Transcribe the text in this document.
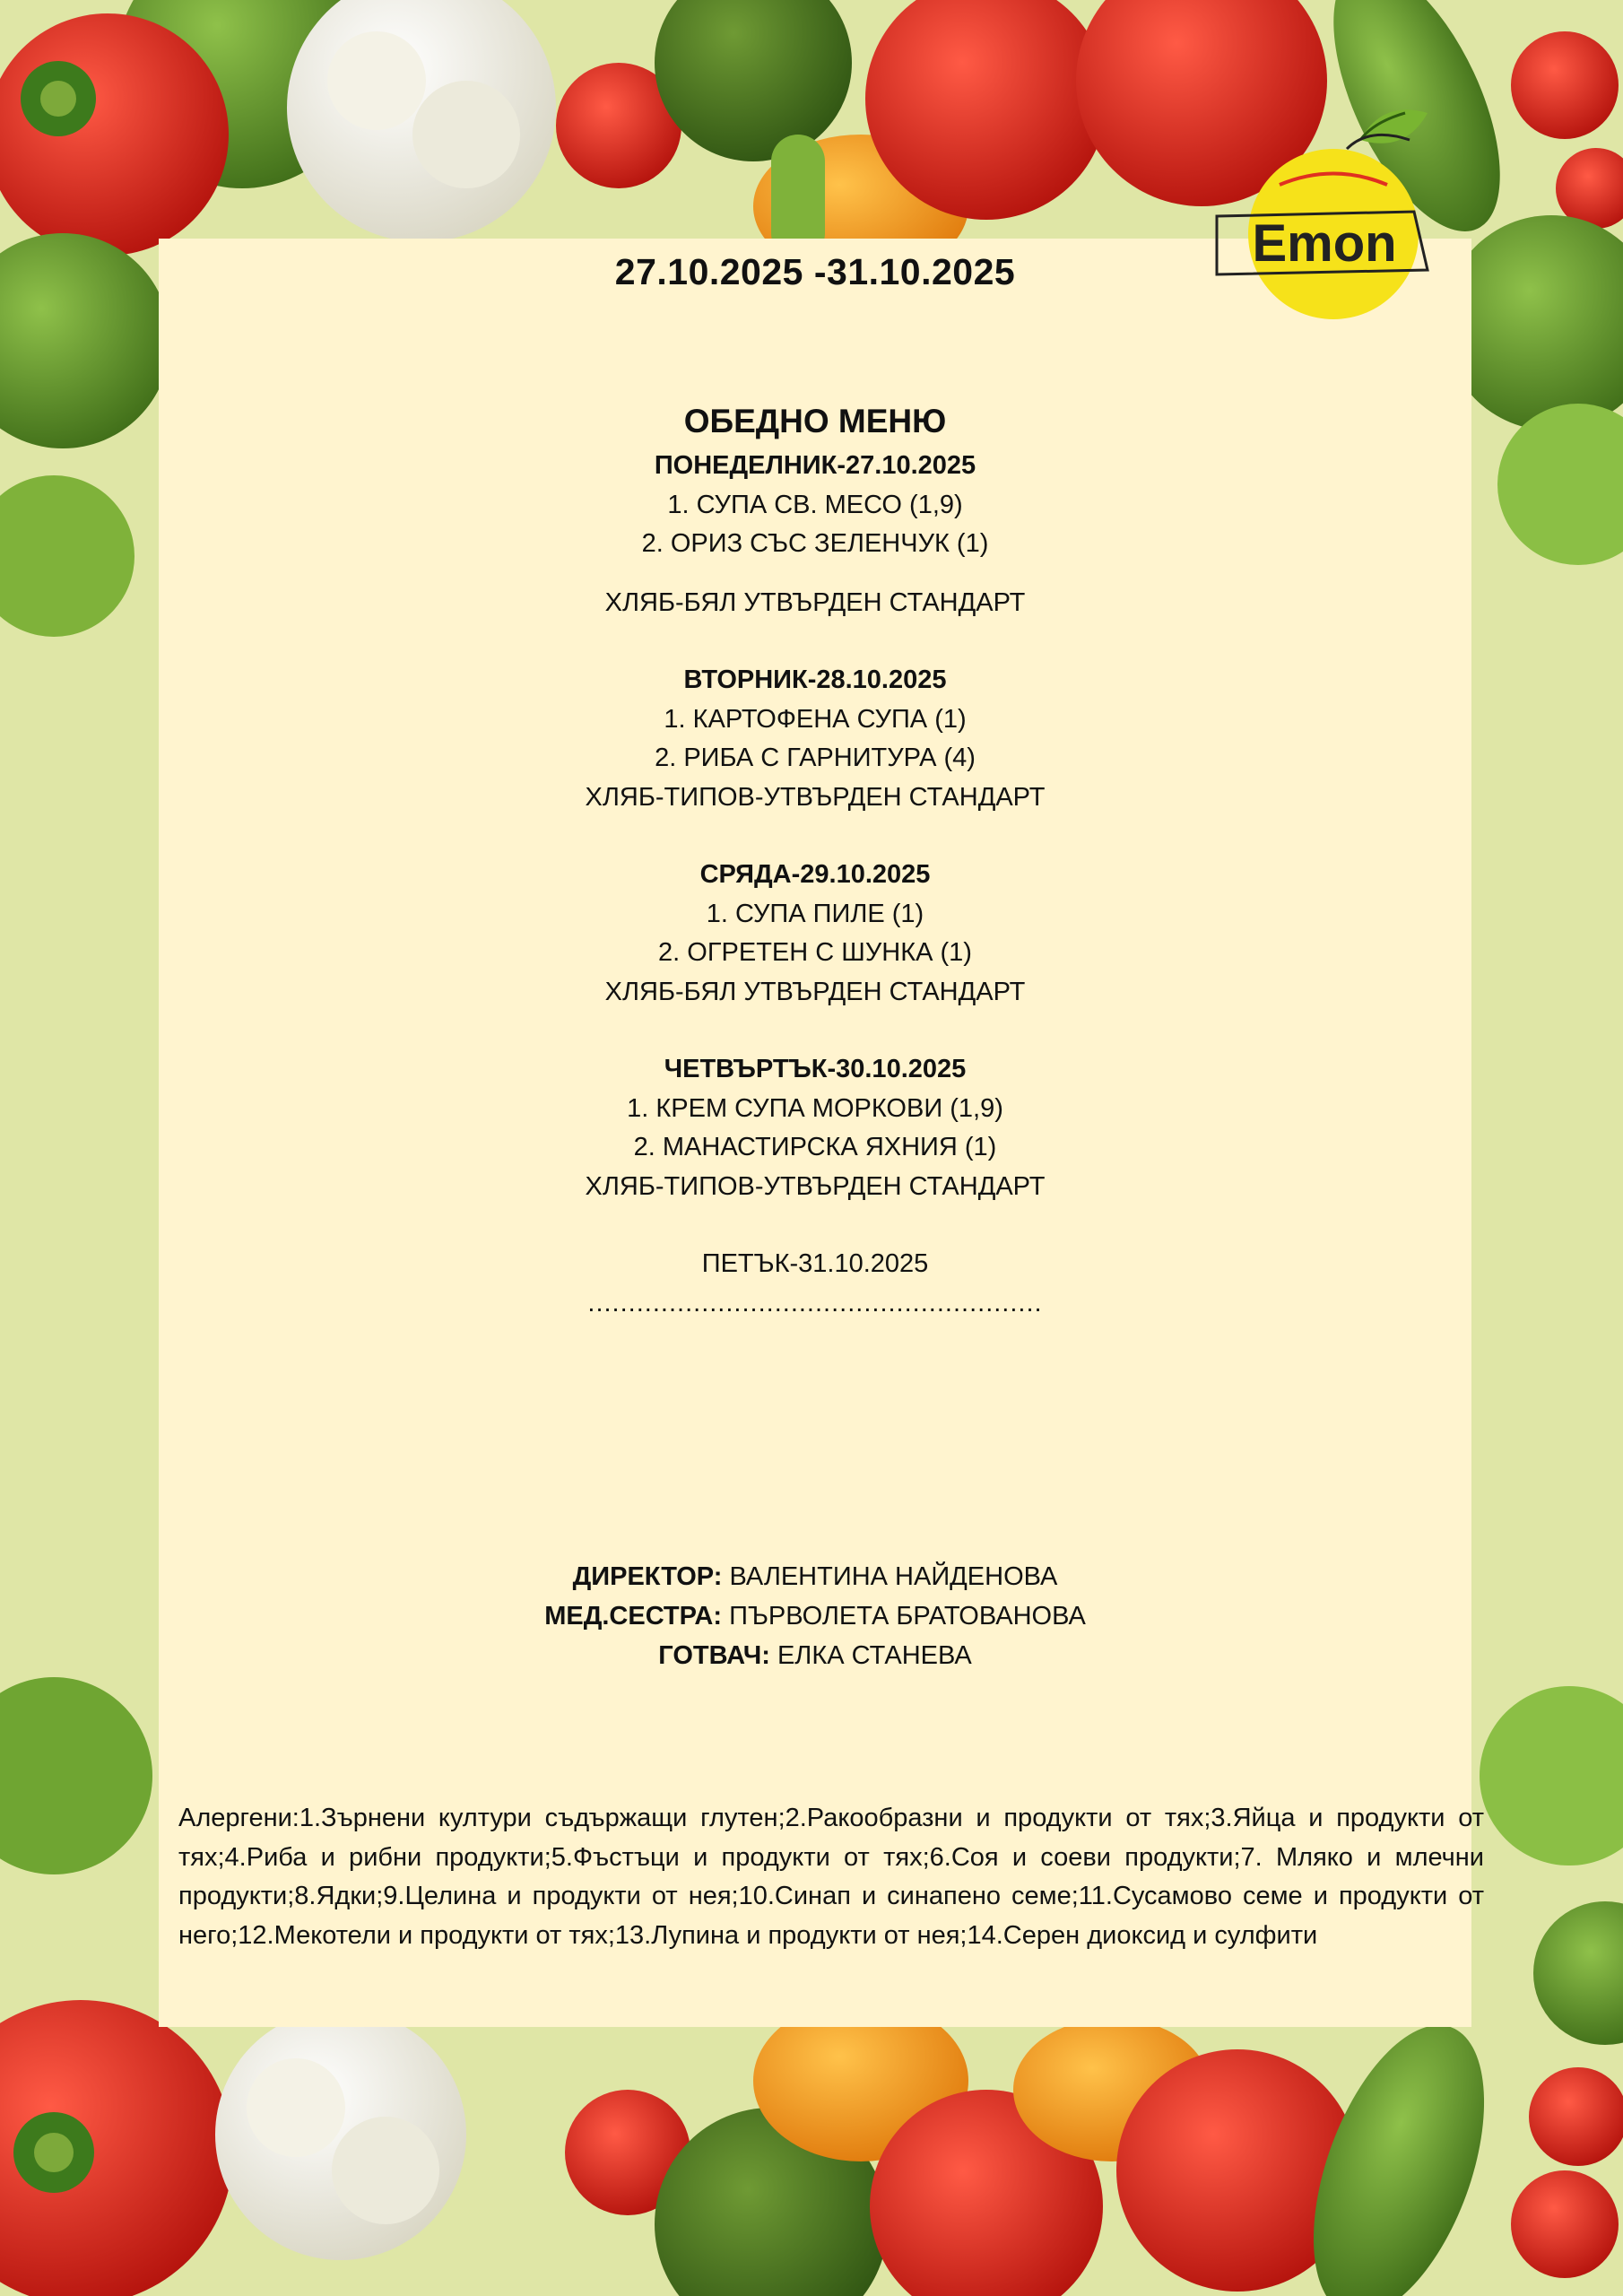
27.10.2025 -31.10.2025	Emon
ОБЕДНО МЕНЮ
ПОНЕДЕЛНИК-27.10.2025
1. СУПА СВ. МЕСО (1,9)
2. ОРИЗ СЪС ЗЕЛЕНЧУК (1)
ХЛЯБ-БЯЛ УТВЪРДЕН СТАНДАРТ
ВТОРНИК-28.10.2025
1. КАРТОФЕНА СУПА (1)
2. РИБА С ГАРНИТУРА (4)
ХЛЯБ-ТИПОВ-УТВЪРДЕН СТАНДАРТ
СРЯДА-29.10.2025
1. СУПА ПИЛЕ (1)
2. ОГРЕТЕН С ШУНКА (1)
ХЛЯБ-БЯЛ УТВЪРДЕН СТАНДАРТ
ЧЕТВЪРТЪК-30.10.2025
1. КРЕМ СУПА МОРКОВИ (1,9)
2. МАНАСТИРСКА ЯХНИЯ (1)
ХЛЯБ-ТИПОВ-УТВЪРДЕН СТАНДАРТ
ПЕТЪК-31.10.2025
........................................................
ДИРЕКТОР: ВАЛЕНТИНА НАЙДЕНОВА
МЕД.СЕСТРА: ПЪРВОЛЕТА БРАТОВАНОВА
ГОТВАЧ: ЕЛКА СТАНЕВА
Алергени:1.Зърнени култури съдържащи глутен;2.Ракообразни и продукти от тях;3.Яйца и продукти от тях;4.Риба и рибни продукти;5.Фъстъци и продукти от тях;6.Соя и соеви продукти;7. Мляко и млечни продукти;8.Ядки;9.Целина и продукти от нея;10.Синап и синапено семе;11.Сусамово семе и продукти от него;12.Мекотели и продукти от тях;13.Лупина и продукти от нея;14.Серен диоксид и сулфити
